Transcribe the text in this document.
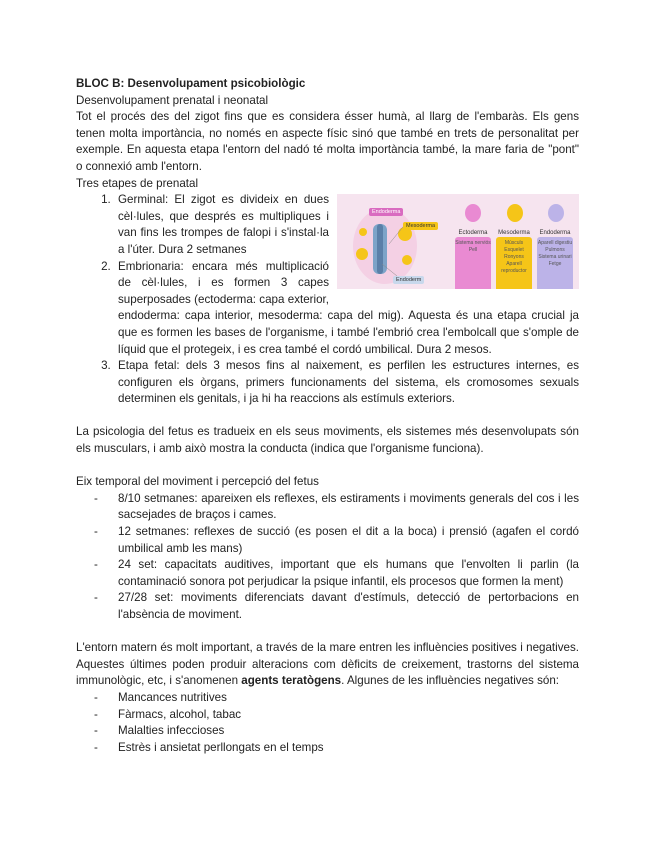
BLOC B: Desenvolupament psicobiològic

Desenvolupament prenatal i neonatal

Tot el procés des del zigot fins que es considera ésser humà, al llarg de l'embaràs. Els gens tenen molta importància, no només en aspecte físic sinó que també en trets de personalitat per exemple. En aquesta etapa l'entorn del nadó té molta importància també, la mare faria de "pont" o connexió amb l'entorn.

Tres etapes de prenatal

Endoderma
Mesoderma
Endoderm
Ectoderma	Mesoderma	Endoderma
Sistema nerviós Pell
Músculs Esquelet Ronyons Aparell reproductor
Aparell digestiu Pulmons Sistema urinari Fetge
1. Germinal: El zigot es divideix en dues cèl·lules, que després es multipliques i van fins les trompes de falopi i s'instal·la a l'úter. Dura 2 setmanes
2. Embrionaria: encara més multiplicació de cèl·lules, i es formen 3 capes superposades (ectoderma: capa exterior, endoderma: capa interior, mesoderma: capa del mig). Aquesta és una etapa crucial ja que es formen les bases de l'organisme, i també l'embrió crea l'embolcall que s'omple de líquid que el protegeix, i es crea també el cordó umbilical. Dura 2 mesos.
3. Etapa fetal: dels 3 mesos fins al naixement, es perfilen les estructures internes, es configuren els òrgans, primers funcionaments del sistema, els cromosomes sexuals determinen els genitals, i ja hi ha reaccions als estímuls exteriors.

La psicologia del fetus es tradueix en els seus moviments, els sistemes més desenvolupats són els musculars, i amb això mostra la conducta (indica que l'organisme funciona).

Eix temporal del moviment i percepció del fetus

- 8/10 setmanes: apareixen els reflexes, els estiraments i moviments generals del cos i les sacsejades de braços i cames.
- 12 setmanes: reflexes de succió (es posen el dit a la boca) i prensió (agafen el cordó umbilical amb les mans)
- 24 set: capacitats auditives, important que els humans que l'envolten li parlin (la contaminació sonora pot perjudicar la psique infantil, els procesos que formen la ment)
- 27/28 set: moviments diferenciats davant d'estímuls, detecció de pertorbacions en l'absència de moviment.

L'entorn matern és molt important, a través de la mare entren les influències positives i negatives. Aquestes últimes poden produir alteracions com dèficits de creixement, trastorns del sistema immunològic, etc, i s'anomenen agents teratògens. Algunes de les influències negatives són:

- Mancances nutritives
- Fàrmacs, alcohol, tabac
- Malalties infeccioses
- Estrès i ansietat perllongats en el temps
